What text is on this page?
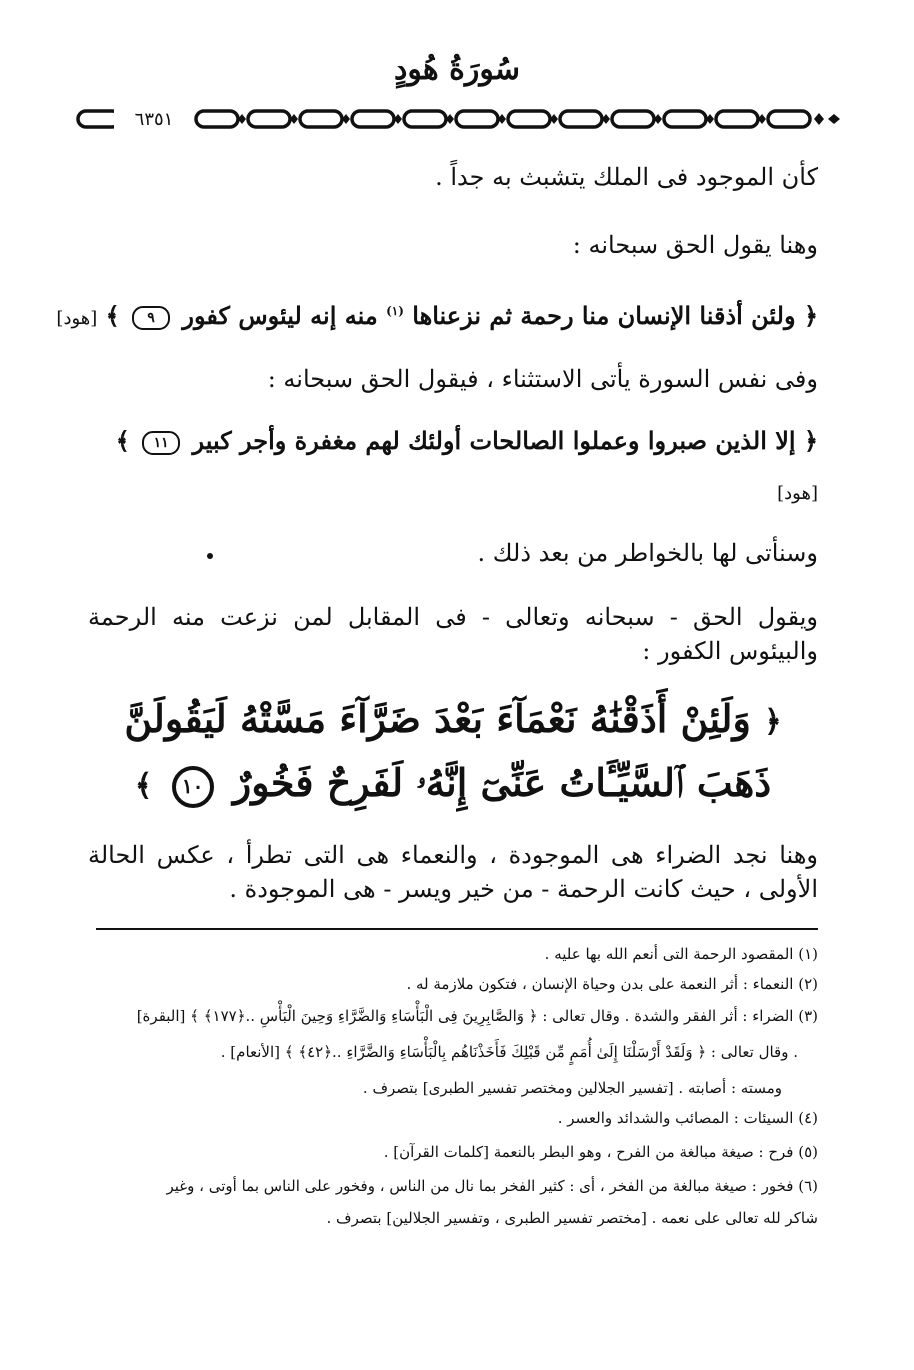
سُورَةُ هُودٍ
٦٣٥١
كأن الموجود فى الملك يتشبث به جداً .
وهنا يقول الحق سبحانه :
﴿ ولئن أذقنا الإنسان منا رحمة ثم نزعناها $^{(١)}$ منه إنه ليئوس كفور ٩ ﴾ [هود]
وفى نفس السورة يأتى الاستثناء ، فيقول الحق سبحانه :
﴿ إلا الذين صبروا وعملوا الصالحات أولئك لهم مغفرة وأجر كبير ١١ ﴾
[هود]
وسنأتى لها بالخواطر من بعد ذلك .
ويقول الحق - سبحانه وتعالى - فى المقابل لمن نزعت منه الرحمة والبيئوس الكفور :
﴿ وَلَئِنْ أَذَقْنَٰهُ نَعْمَآءَ بَعْدَ ضَرَّآءَ مَسَّتْهُ لَيَقُولَنَّ
ذَهَبَ ٱلسَّيِّـَٔاتُ عَنِّىٓ إِنَّهُۥ لَفَرِحٌ فَخُورٌ ١٠ ﴾
وهنا نجد الضراء هى الموجودة ، والنعماء هى التى تطرأ ، عكس الحالة الأولى ، حيث كانت الرحمة - من خير ويسر - هى الموجودة .
(١) المقصود الرحمة التى أنعم الله بها عليه .
(٢) النعماء : أثر النعمة على بدن وحياة الإنسان ، فتكون ملازمة له .
(٣) الضراء : أثر الفقر والشدة . وقال تعالى : ﴿ وَالصَّابِرِينَ فِى الْبَأْسَاءِ وَالضَّرَّاءِ وَحِينَ الْبَأْسِ ..﴿١٧٧﴾ ﴾ [البقرة]
. وقال تعالى : ﴿ وَلَقَدْ أَرْسَلْنَا إِلَىٰ أُمَمٍ مِّن قَبْلِكَ فَأَخَذْنَاهُم بِالْبَأْسَاءِ وَالضَّرَّاءِ ..﴿٤٢﴾ ﴾ [الأنعام] .
ومسته : أصابته . [تفسير الجلالين ومختصر تفسير الطبرى] بتصرف .
(٤) السيئات : المصائب والشدائد والعسر .
(٥) فرح : صيغة مبالغة من الفرح ، وهو البطر بالنعمة [كلمات القرآن] .
(٦) فخور : صيغة مبالغة من الفخر ، أى : كثير الفخر بما نال من الناس ، وفخور على الناس بما أوتى ، وغير
شاكر لله تعالى على نعمه . [مختصر تفسير الطبرى ، وتفسير الجلالين] بتصرف .
